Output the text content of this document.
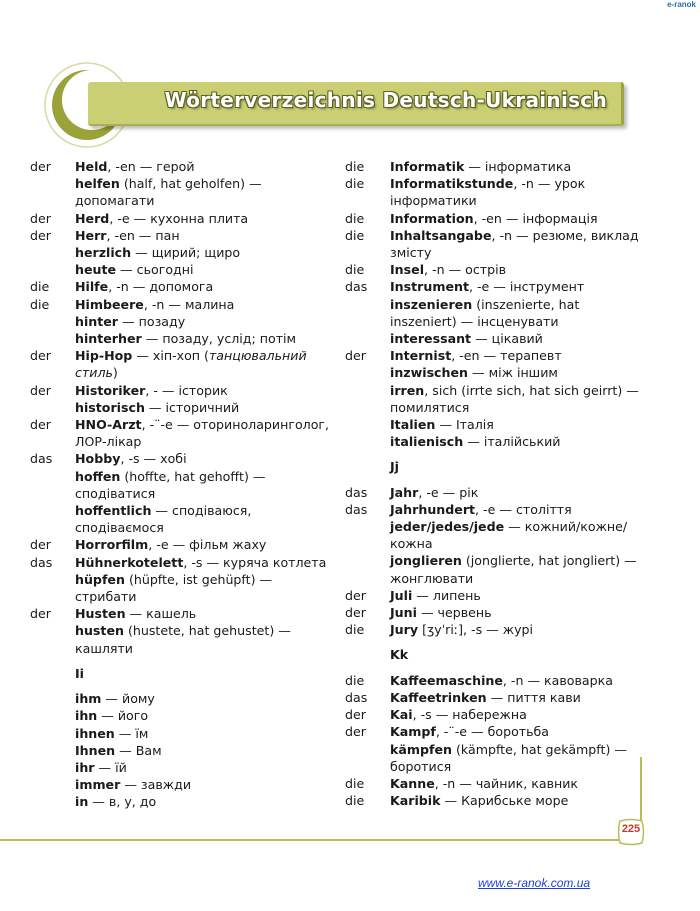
e-ranok
Wörterverzeichnis Deutsch-Ukrainisch
der	Held, -en — герой
helfen (half, hat geholfen) — допомагати
der	Herd, -e — кухонна плита
der	Herr, -en — пан
herzlich — щирий; щиро
heute — сьогодні
die	Hilfe, -n — допомога
die	Himbeere, -n — малина
hinter — позаду
hinterher — позаду, услід; потім
der	Hip-Hop — хіп-хоп (танцювальний стиль)
der	Historiker, - — історик
historisch — історичний
der	HNO-Arzt, -¨-e — оториноларинголог, ЛОР-лікар
das	Hobby, -s — хобі
hoffen (hoffte, hat gehofft) — сподіватися
hoffentlich — сподіваюся, сподіваємося
der	Horrorfilm, -e — фільм жаху
das	Hühnerkotelett, -s — куряча котлета
hüpfen (hüpfte, ist gehüpft) — стрибати
der	Husten — кашель
husten (hustete, hat gehustet) — кашляти
Ii
ihm — йому
ihn — його
ihnen — їм
Ihnen — Вам
ihr — їй
immer — завжди
in — в, у, до
die	Informatik — інформатика
die	Informatikstunde, -n — урок інформатики
die	Information, -en — інформація
die	Inhaltsangabe, -n — резюме, виклад змісту
die	Insel, -n — острів
das	Instrument, -e — інструмент
inszenieren (inszenierte, hat inszeniert) — інсценувати
interessant — цікавий
der	Internist, -en — терапевт
inzwischen — між іншим
irren, sich (irrte sich, hat sich geirrt) — помилятися
Italien — Італія
italienisch — італійський
Jj
das	Jahr, -e — рік
das	Jahrhundert, -e — століття
jeder/jedes/jede — кожний/кожне/ кожна
jonglieren (jonglierte, hat jongliert) — жонглювати
der	Juli — липень
der	Juni — червень
die	Jury [ʒyˈriː], -s — журі
Kk
die	Kaffeemaschine, -n — кавоварка
das	Kaffeetrinken — пиття кави
der	Kai, -s — набережна
der	Kampf, -¨-e — боротьба
kämpfen (kämpfte, hat gekämpft) — боротися
die	Kanne, -n — чайник, кавник
die	Karibik — Карибське море
225
www.e-ranok.com.ua
